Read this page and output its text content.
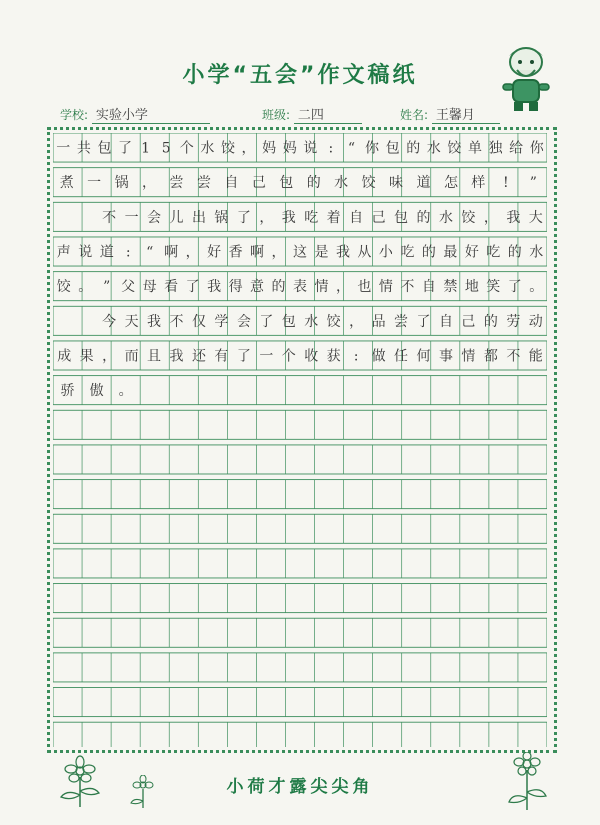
小学“五会”作文稿纸
学校: 实验小学	班级: 二四	姓名: 王馨月
一 共 包 了 1 5 个 水 饺 ， 妈 妈 说 : “ 你 包 的 水 饺 单 独 给 你
煮 一 锅 ， 尝 尝 自 己 包 的 水 饺 味 道 怎 样 ! ”
不 一 会 儿 出 锅 了 ， 我 吃 着 自 己 包 的 水 饺 ， 我 大
声 说 道 : “ 啊 ， 好 香 啊 ， 这 是 我 从 小 吃 的 最 好 吃 的 水
饺 。 ” 父 母 看 了 我 得 意 的 表 情 ， 也 情 不 自 禁 地 笑 了 。
今 天 我 不 仅 学 会 了 包 水 饺 ， 品 尝 了 自 己 的 劳 动
成 果 ， 而 且 我 还 有 了 一 个 收 获 : 做 任 何 事 情 都 不 能
骄 傲 。
小荷才露尖尖角
